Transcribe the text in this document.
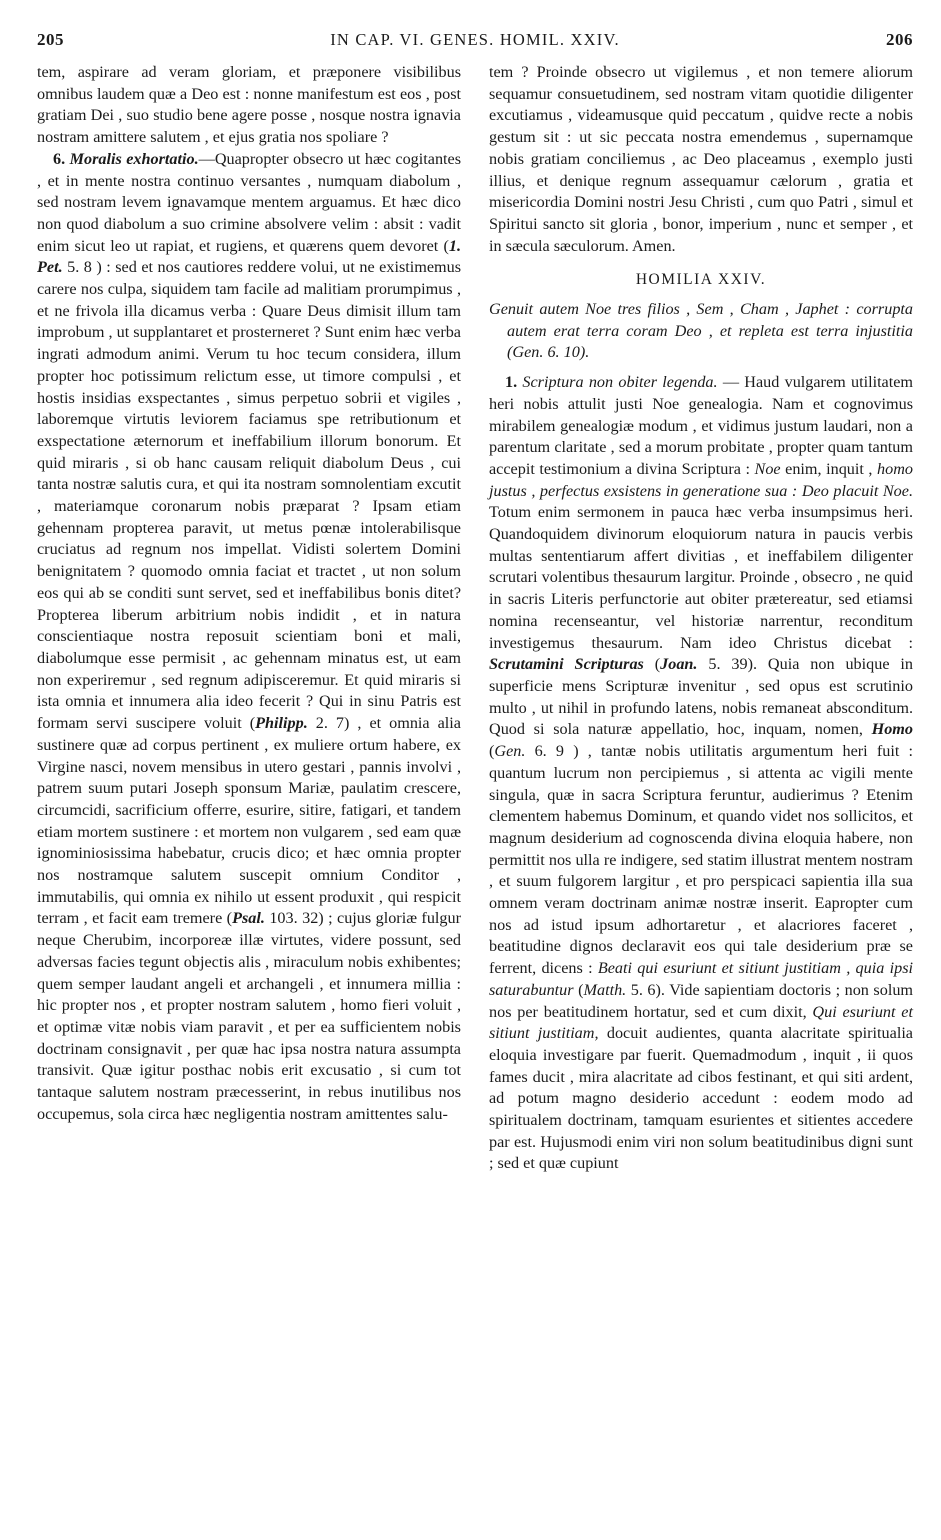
205	IN CAP. VI. GENES. HOMIL. XXIV.	206

tem, aspirare ad veram gloriam, et præponere visibilibus omnibus laudem quæ a Deo est : nonne manifestum est eos , post gratiam Dei , suo studio bene agere posse , nosque nostra ignavia nostram amittere salutem , et ejus gratia nos spoliare ?

6. Moralis exhortatio.—Quapropter obsecro ut hæc cogitantes , et in mente nostra continuo versantes , numquam diabolum , sed nostram levem ignavamque mentem arguamus. Et hæc dico non quod diabolum a suo crimine absolvere velim : absit : vadit enim sicut leo ut rapiat, et rugiens, et quærens quem devoret (1. Pet. 5. 8 ) : sed et nos cautiores reddere volui, ut ne existimemus carere nos culpa, siquidem tam facile ad malitiam prorumpimus , et ne frivola illa dicamus verba : Quare Deus dimisit illum tam improbum , ut supplantaret et prosterneret ? Sunt enim hæc verba ingrati admodum animi. Verum tu hoc tecum considera, illum propter hoc potissimum relictum esse, ut timore compulsi , et hostis insidias exspectantes , simus perpetuo sobrii et vigiles , laboremque virtutis leviorem faciamus spe retributionum et exspectatione æternorum et ineffabilium illorum bonorum. Et quid miraris , si ob hanc causam reliquit diabolum Deus , cui tanta nostræ salutis cura, et qui ita nostram somnolentiam excutit , materiamque coronarum nobis præparat ? Ipsam etiam gehennam propterea paravit, ut metus pœnæ intolerabilisque cruciatus ad regnum nos impellat. Vidisti solertem Domini benignitatem ? quomodo omnia faciat et tractet , ut non solum eos qui ab se conditi sunt servet, sed et ineffabilibus bonis ditet? Propterea liberum arbitrium nobis indidit , et in natura conscientiaque nostra reposuit scientiam boni et mali, diabolumque esse permisit , ac gehennam minatus est, ut eam non experiremur , sed regnum adipisceremur. Et quid miraris si ista omnia et innumera alia ideo fecerit ? Qui in sinu Patris est formam servi suscipere voluit (Philipp. 2. 7) , et omnia alia sustinere quæ ad corpus pertinent , ex muliere ortum habere, ex Virgine nasci, novem mensibus in utero gestari , pannis involvi , patrem suum putari Joseph sponsum Mariæ, paulatim crescere, circumcidi, sacrificium offerre, esurire, sitire, fatigari, et tandem etiam mortem sustinere : et mortem non vulgarem , sed eam quæ ignominiosissima habebatur, crucis dico; et hæc omnia propter nos nostramque salutem suscepit omnium Conditor , immutabilis, qui omnia ex nihilo ut essent produxit , qui respicit terram , et facit eam tremere (Psal. 103. 32) ; cujus gloriæ fulgur neque Cherubim, incorporeæ illæ virtutes, videre possunt, sed adversas facies tegunt objectis alis , miraculum nobis exhibentes; quem semper laudant angeli et archangeli , et innumera millia : hic propter nos , et propter nostram salutem , homo fieri voluit , et optimæ vitæ nobis viam paravit , et per ea sufficientem nobis doctrinam consignavit , per quæ hac ipsa nostra natura assumpta transivit. Quæ igitur posthac nobis erit excusatio , si cum tot tantaque salutem nostram præcesserint, in rebus inutilibus nos occupemus, sola circa hæc negligentia nostram amittentes salu-

tem ? Proinde obsecro ut vigilemus , et non temere aliorum sequamur consuetudinem, sed nostram vitam quotidie diligenter excutiamus , videamusque quid peccatum , quidve recte a nobis gestum sit : ut sic peccata nostra emendemus , supernamque nobis gratiam conciliemus , ac Deo placeamus , exemplo justi illius, et denique regnum assequamur cælorum , gratia et misericordia Domini nostri Jesu Christi , cum quo Patri , simul et Spiritui sancto sit gloria , bonor, imperium , nunc et semper , et in sæcula sæculorum. Amen.

HOMILIA XXIV.

Genuit autem Noe tres filios , Sem , Cham , Japhet : corrupta autem erat terra coram Deo , et repleta est terra injustitia (Gen. 6. 10).

1. Scriptura non obiter legenda. — Haud vulgarem utilitatem heri nobis attulit justi Noe genealogia. Nam et cognovimus mirabilem genealogiæ modum , et vidimus justum laudari, non a parentum claritate , sed a morum probitate , propter quam tantum accepit testimonium a divina Scriptura : Noe enim, inquit , homo justus , perfectus exsistens in generatione sua : Deo placuit Noe. Totum enim sermonem in pauca hæc verba insumpsimus heri. Quandoquidem divinorum eloquiorum natura in paucis verbis multas sententiarum affert divitias , et ineffabilem diligenter scrutari volentibus thesaurum largitur. Proinde , obsecro , ne quid in sacris Literis perfunctorie aut obiter prætereatur, sed etiamsi nomina recenseantur, vel historiæ narrentur, reconditum investigemus thesaurum. Nam ideo Christus dicebat : Scrutamini Scripturas (Joan. 5. 39). Quia non ubique in superficie mens Scripturæ invenitur , sed opus est scrutinio multo , ut nihil in profundo latens, nobis remaneat absconditum. Quod si sola naturæ appellatio, hoc, inquam, nomen, Homo (Gen. 6. 9 ) , tantæ nobis utilitatis argumentum heri fuit : quantum lucrum non percipiemus , si attenta ac vigili mente singula, quæ in sacra Scriptura feruntur, audierimus ? Etenim clementem habemus Dominum, et quando videt nos sollicitos, et magnum desiderium ad cognoscenda divina eloquia habere, non permittit nos ulla re indigere, sed statim illustrat mentem nostram , et suum fulgorem largitur , et pro perspicaci sapientia illa sua omnem veram doctrinam animæ nostræ inserit. Eapropter cum nos ad istud ipsum adhortaretur , et alacriores faceret , beatitudine dignos declaravit eos qui tale desiderium præ se ferrent, dicens : Beati qui esuriunt et sitiunt justitiam , quia ipsi saturabuntur (Matth. 5. 6). Vide sapientiam doctoris ; non solum nos per beatitudinem hortatur, sed et cum dixit, Qui esuriunt et sitiunt justitiam, docuit audientes, quanta alacritate spiritualia eloquia investigare par fuerit. Quemadmodum , inquit , ii quos fames ducit , mira alacritate ad cibos festinant, et qui siti ardent, ad potum magno desiderio accedunt : eodem modo ad spiritualem doctrinam, tamquam esurientes et sitientes accedere par est. Hujusmodi enim viri non solum beatitudinibus digni sunt ; sed et quæ cupiunt
